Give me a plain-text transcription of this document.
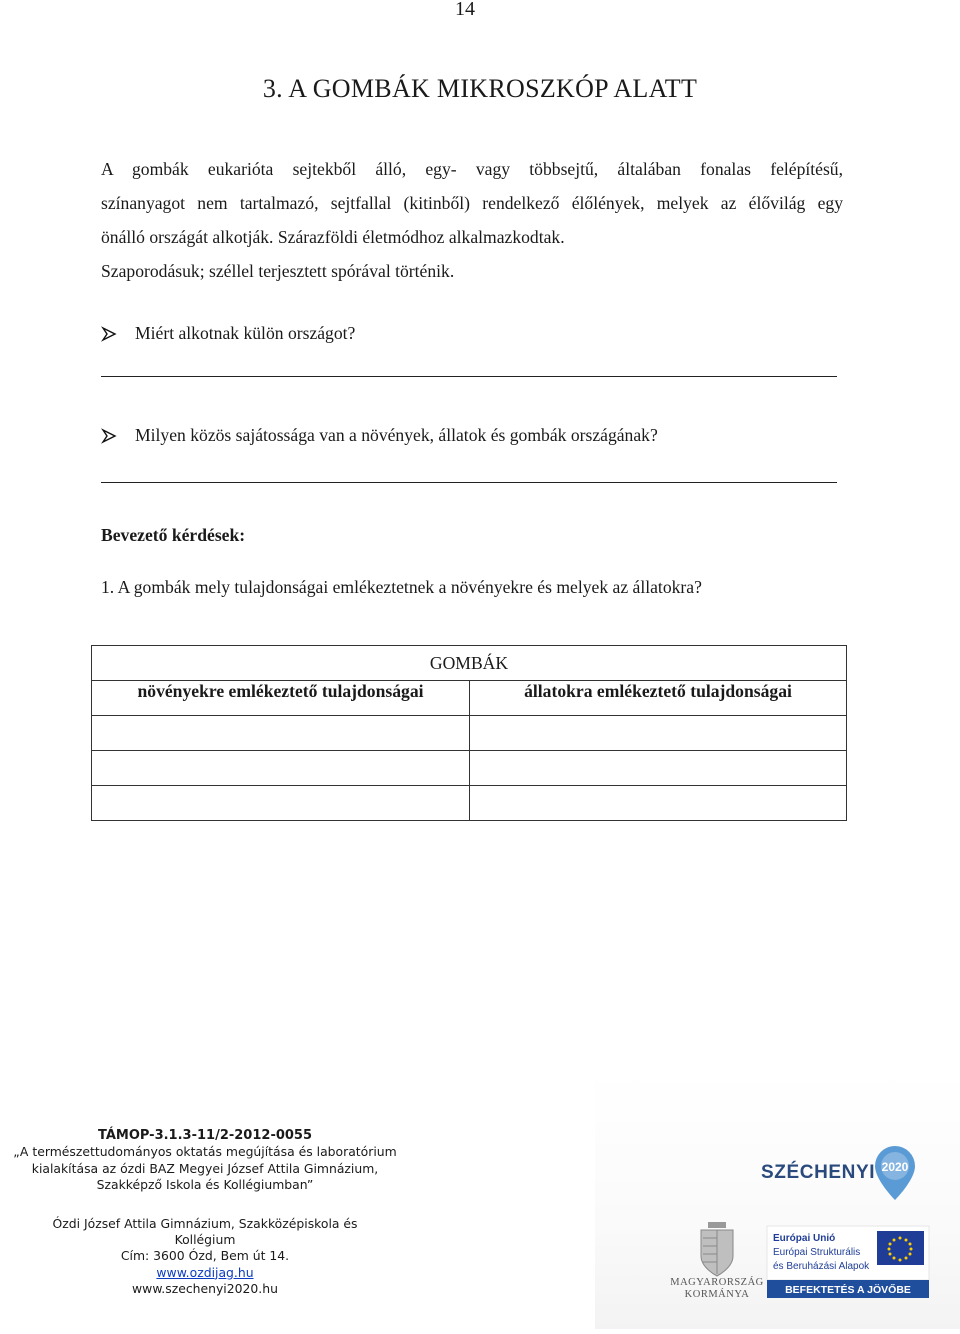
14
3. A GOMBÁK MIKROSZKÓP ALATT

A gombák eukarióta sejtekből álló, egy- vagy többsejtű, általában fonalas felépítésű,

színanyagot nem tartalmazó, sejtfallal (kitinből) rendelkező élőlények, melyek az élővilág egy

önálló országát alkotják. Szárazföldi életmódhoz alkalmazkodtak.

Szaporodásuk; széllel terjesztett spórával történik.

Miért alkotnak külön országot?
Milyen közös sajátossága van a növények, állatok és gombák országának?
Bevezető kérdések:
1. A gombák mely tulajdonságai emlékeztetnek a növényekre és melyek az állatokra?
GOMBÁK	
növényekre emlékeztető tulajdonságai	állatokra emlékeztető tulajdonságai

TÁMOP-3.1.3-11/2-2012-0055
„A természettudományos oktatás megújítása és laboratórium
kialakítása az ózdi BAZ Megyei József Attila Gimnázium,
Szakképző Iskola és Kollégiumban”
Ózdi József Attila Gimnázium, Szakközépiskola és
Kollégium
Cím: 3600 Ózd, Bem út 14.
www.ozdijag.hu
www.szechenyi2020.hu
SZÉCHENYI 2020
MAGYARORSZÁG
KORMÁNYA
Európai Unió
Európai Strukturális
és Beruházási Alapok
BEFEKTETÉS A JÖVŐBE
